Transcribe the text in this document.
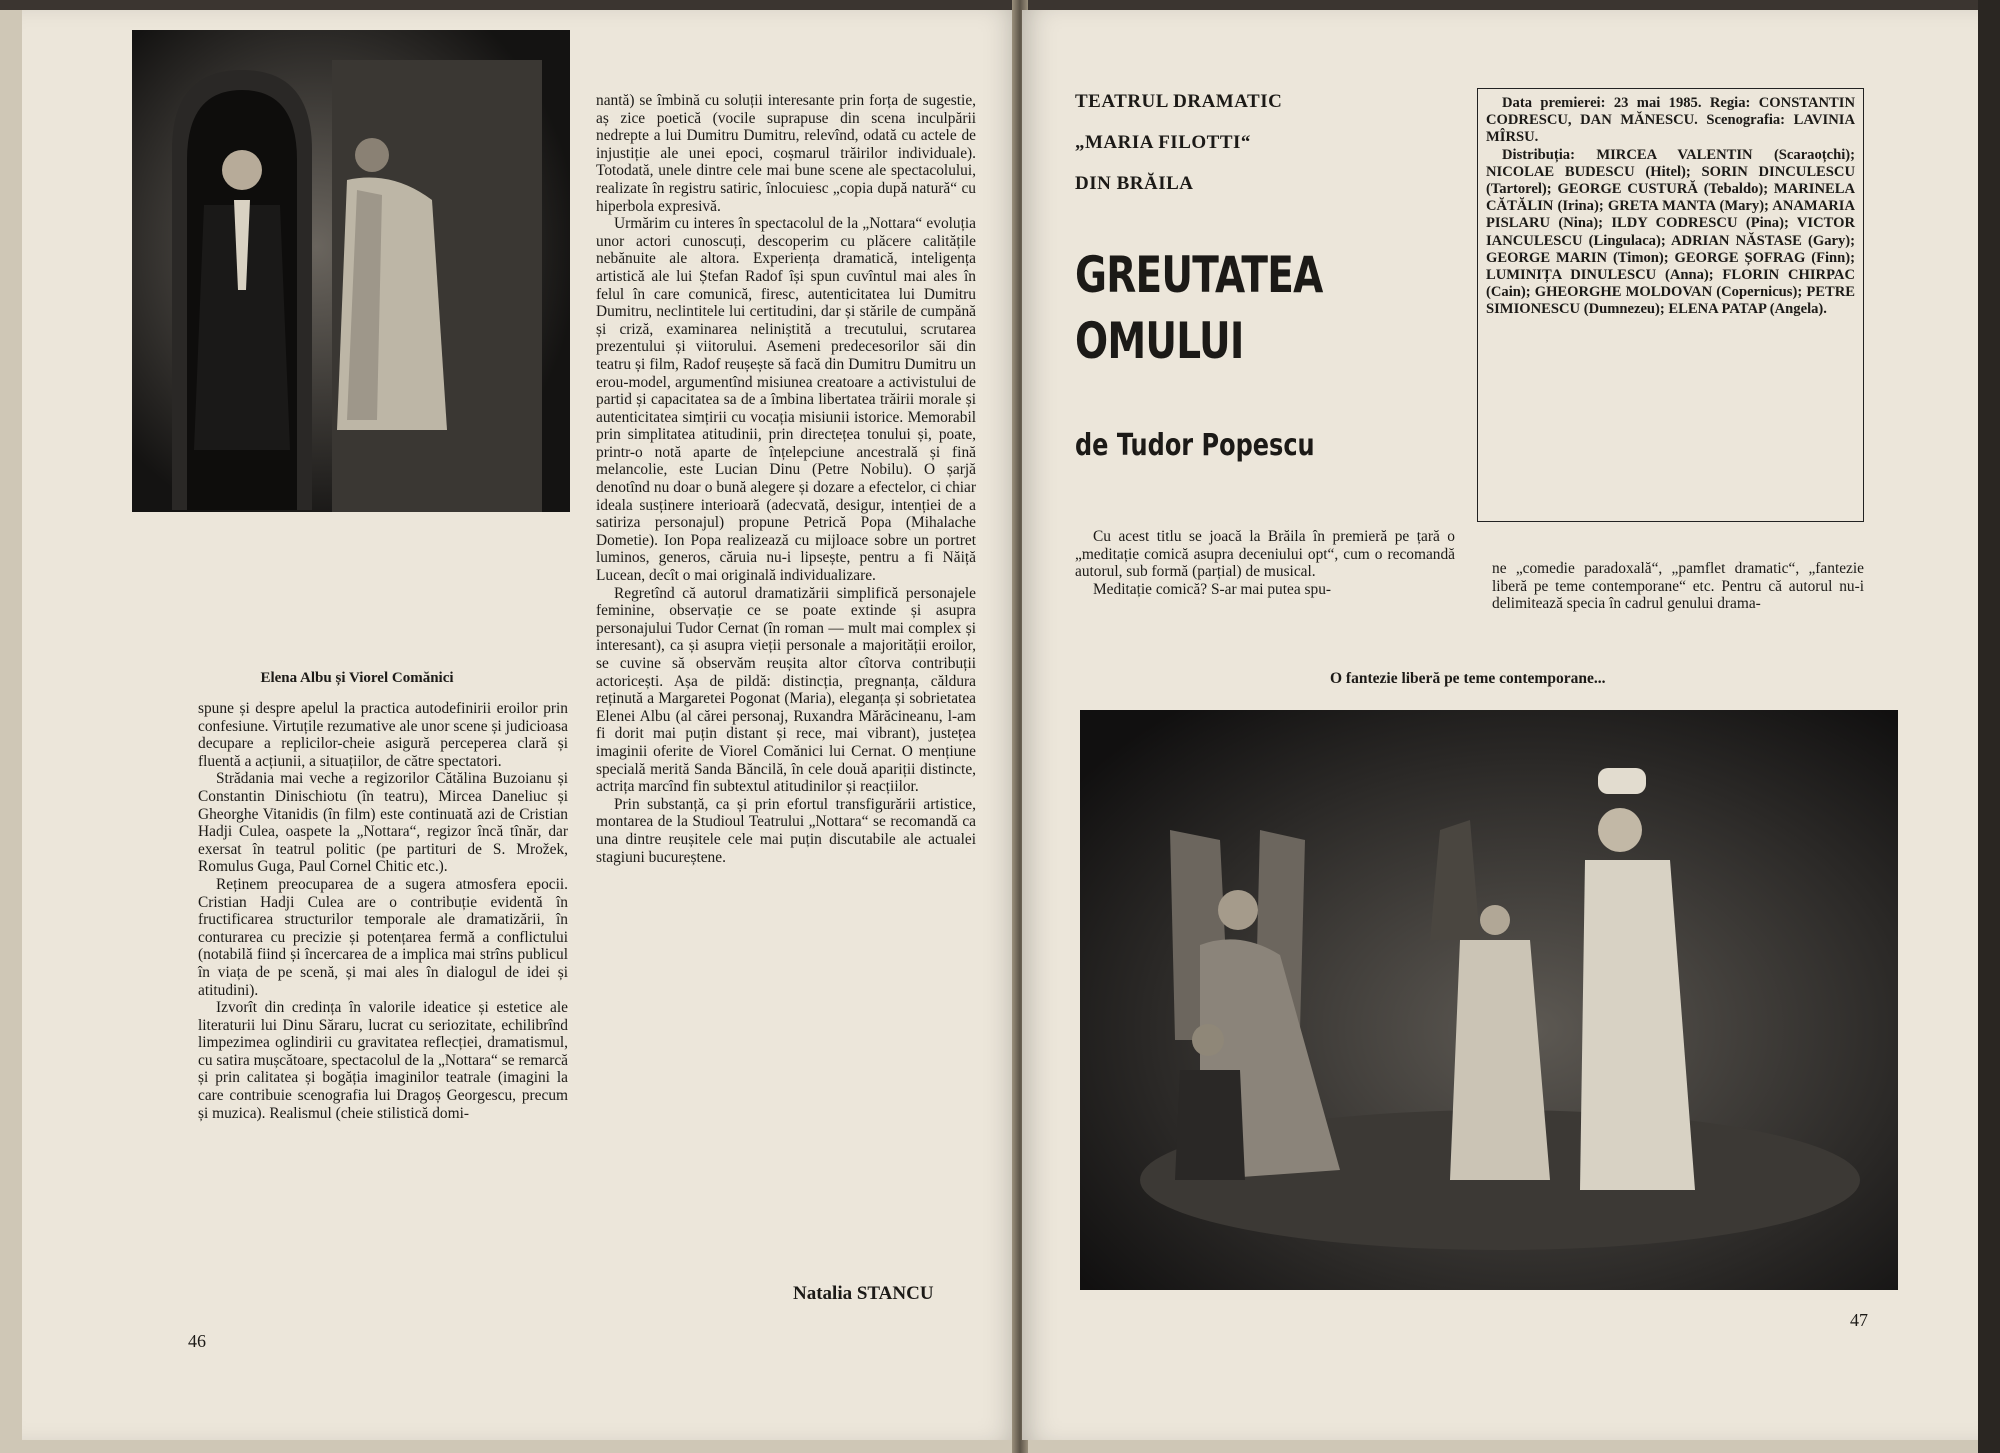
Elena Albu și Viorel Comănici

spune și despre apelul la practica autodefinirii eroilor prin confesiune. Virtuțile rezumative ale unor scene și judicioasa decupare a replicilor-cheie asigură perceperea clară și fluentă a acțiunii, a situațiilor, de către spectatori.

Strădania mai veche a regizorilor Cătălina Buzoianu și Constantin Dinischiotu (în teatru), Mircea Daneliuc și Gheorghe Vitanidis (în film) este continuată azi de Cristian Hadji Culea, oaspete la „Nottara“, regizor încă tînăr, dar exersat în teatrul politic (pe partituri de S. Mrožek, Romulus Guga, Paul Cornel Chitic etc.).

Reținem preocuparea de a sugera atmosfera epocii. Cristian Hadji Culea are o contribuție evidentă în fructificarea structurilor temporale ale dramatizării, în conturarea cu precizie și potențarea fermă a conflictului (notabilă fiind și încercarea de a implica mai strîns publicul în viața de pe scenă, și mai ales în dialogul de idei și atitudini).

Izvorît din credința în valorile ideatice și estetice ale literaturii lui Dinu Săraru, lucrat cu seriozitate, echilibrînd limpezimea oglindirii cu gravitatea reflecției, dramatismul, cu satira mușcătoare, spectacolul de la „Nottara“ se remarcă și prin calitatea și bogăția imaginilor teatrale (imagini la care contribuie scenografia lui Dragoș Georgescu, precum și muzica). Realismul (cheie stilistică domi-

nantă) se îmbină cu soluții interesante prin forța de sugestie, aș zice poetică (vocile suprapuse din scena inculpării nedrepte a lui Dumitru Dumitru, relevînd, odată cu actele de injustiție ale unei epoci, coșmarul trăirilor individuale). Totodată, unele dintre cele mai bune scene ale spectacolului, realizate în registru satiric, înlocuiesc „copia după natură“ cu hiperbola expresivă.

Urmărim cu interes în spectacolul de la „Nottara“ evoluția unor actori cunoscuți, descoperim cu plăcere calitățile nebănuite ale altora. Experiența dramatică, inteligența artistică ale lui Ștefan Radof își spun cuvîntul mai ales în felul în care comunică, firesc, autenticitatea lui Dumitru Dumitru, neclintitele lui certitudini, dar și stările de cumpănă și criză, examinarea neliniștită a trecutului, scrutarea prezentului și viitorului. Asemeni predecesorilor săi din teatru și film, Radof reușește să facă din Dumitru Dumitru un erou-model, argumentînd misiunea creatoare a activistului de partid și capacitatea sa de a îmbina libertatea trăirii morale și autenticitatea simțirii cu vocația misiunii istorice. Memorabil prin simplitatea atitudinii, prin directețea tonului și, poate, printr-o notă aparte de înțelepciune ancestrală și fină melancolie, este Lucian Dinu (Petre Nobilu). O șarjă denotînd nu doar o bună alegere și dozare a efectelor, ci chiar ideala susținere interioară (adecvată, desigur, intenției de a satiriza personajul) propune Petrică Popa (Mihalache Dometie). Ion Popa realizează cu mijloace sobre un portret luminos, generos, căruia nu-i lipsește, pentru a fi Năiță Lucean, decît o mai originală individualizare.

Regretînd că autorul dramatizării simplifică personajele feminine, observație ce se poate extinde și asupra personajului Tudor Cernat (în roman — mult mai complex și interesant), ca și asupra vieții personale a majorității eroilor, se cuvine să observăm reușita altor cîtorva contribuții actoricești. Așa de pildă: distincția, pregnanța, căldura reținută a Margaretei Pogonat (Maria), eleganța și sobrietatea Elenei Albu (al cărei personaj, Ruxandra Mărăcineanu, l-am fi dorit mai puțin distant și rece, mai vibrant), justețea imaginii oferite de Viorel Comănici lui Cernat. O mențiune specială merită Sanda Băncilă, în cele două apariții distincte, actrița marcînd fin subtextul atitudinilor și reacțiilor.

Prin substanță, ca și prin efortul transfigurării artistice, montarea de la Studioul Teatrului „Nottara“ se recomandă ca una dintre reușitele cele mai puțin discutabile ale actualei stagiuni bucureștene.

Natalia STANCU
46
TEATRUL DRAMATIC
„MARIA FILOTTI“
DIN BRĂILA
GREUTATEA
OMULUI
de Tudor Popescu

Data premierei: 23 mai 1985. Regia: CONSTANTIN CODRESCU, DAN MĂNESCU. Scenografia: LAVINIA MÎRSU.

Distribuția: MIRCEA VALENTIN (Scaraoțchi); NICOLAE BUDESCU (Hitel); SORIN DINCULESCU (Tartorel); GEORGE CUSTURĂ (Tebaldo); MARINELA CĂTĂLIN (Irina); GRETA MANTA (Mary); ANAMARIA PISLARU (Nina); ILDY CODRESCU (Pina); VICTOR IANCULESCU (Lingulaca); ADRIAN NĂSTASE (Gary); GEORGE MARIN (Timon); GEORGE ȘOFRAG (Finn); LUMINIȚA DINULESCU (Anna); FLORIN CHIRPAC (Cain); GHEORGHE MOLDOVAN (Copernicus); PETRE SIMIONESCU (Dumnezeu); ELENA PATAP (Angela).

Cu acest titlu se joacă la Brăila în premieră pe țară o „meditație comică asupra deceniului opt“, cum o recomandă autorul, sub formă (parțial) de musical.

Meditație comică? S-ar mai putea spu-

ne „comedie paradoxală“, „pamflet dramatic“, „fantezie liberă pe teme contemporane“ etc. Pentru că autorul nu-i delimitează specia în cadrul genului drama-

O fantezie liberă pe teme contemporane...
47
